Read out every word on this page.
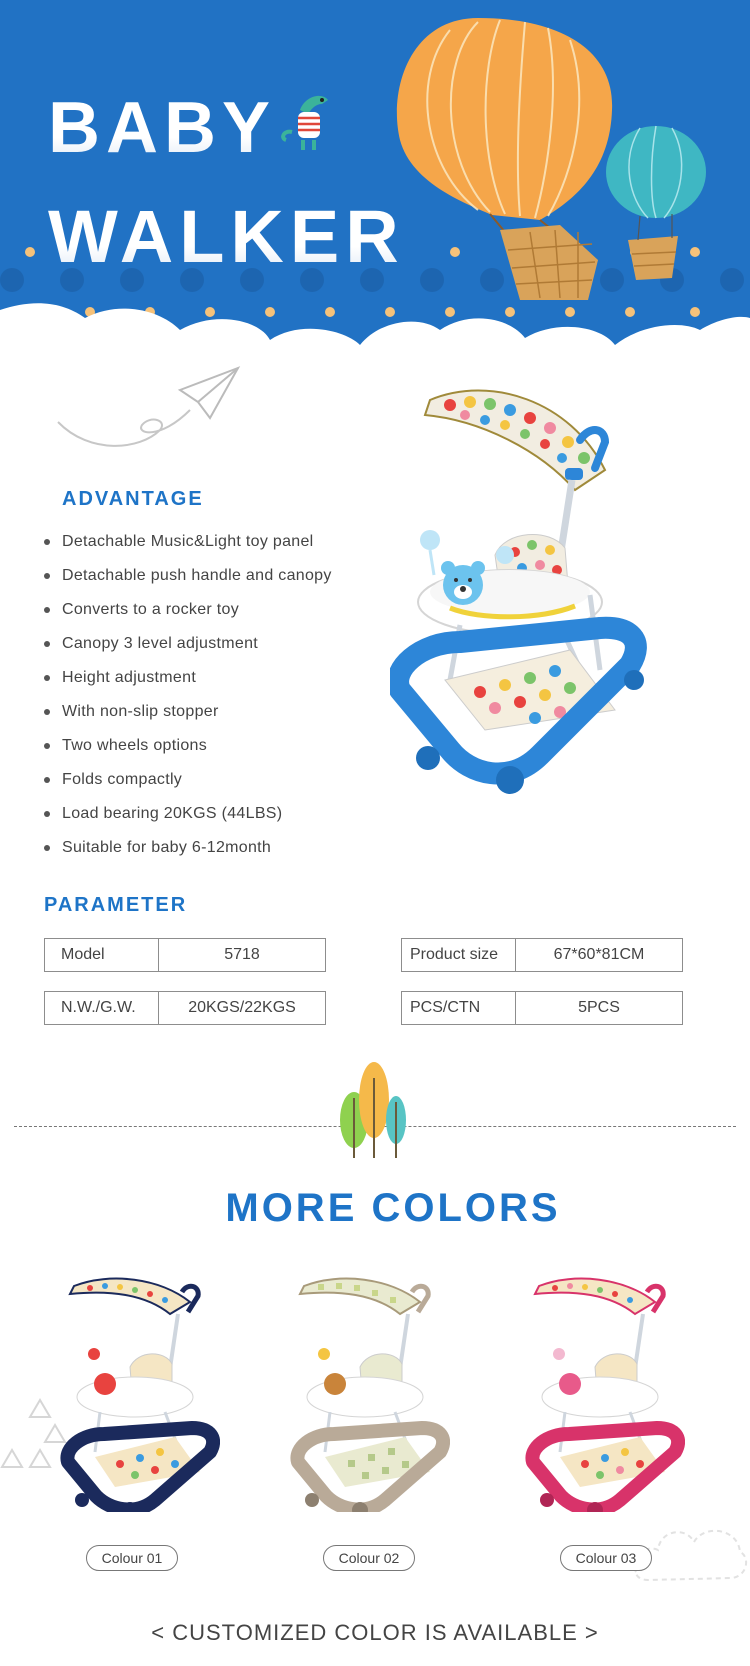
BABY
WALKER
ADVANTAGE
Detachable Music&Light toy panel
Detachable push handle and canopy
Converts to a rocker toy
Canopy 3 level adjustment
Height adjustment
With non-slip stopper
Two wheels options
Folds compactly
Load bearing 20KGS (44LBS)
Suitable for baby 6-12month
PARAMETER
Model	5718	Product size	67*60*81CM
N.W./G.W.	20KGS/22KGS	PCS/CTN	5PCS
MORE COLORS
Colour 01	Colour 02	Colour 03
< CUSTOMIZED COLOR IS AVAILABLE >
